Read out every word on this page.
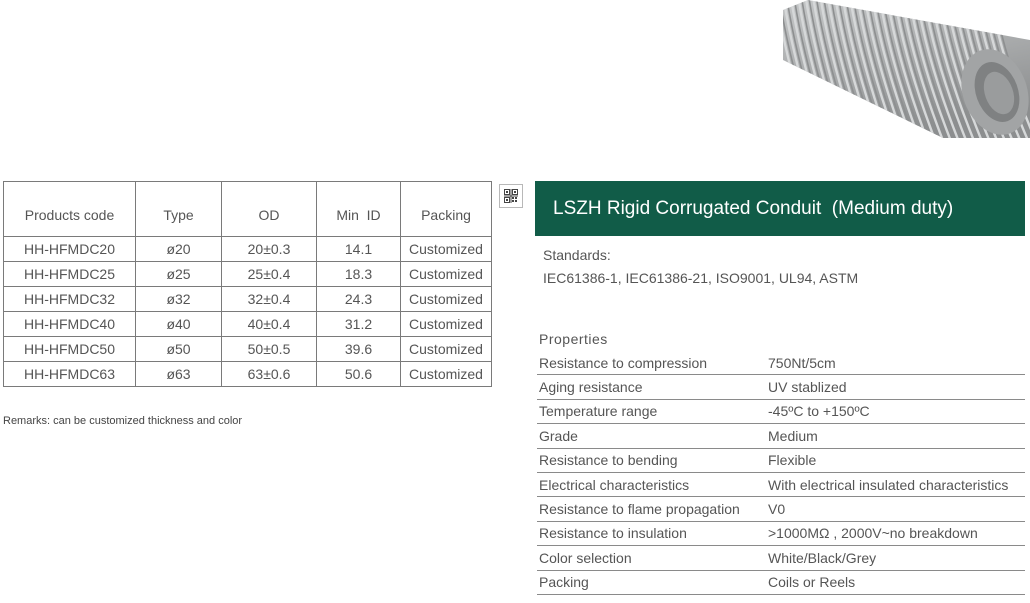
Products code	Type	OD	Min  ID	Packing
HH-HFMDC20	ø20	20±0.3	14.1	Customized
HH-HFMDC25	ø25	25±0.4	18.3	Customized
HH-HFMDC32	ø32	32±0.4	24.3	Customized
HH-HFMDC40	ø40	40±0.4	31.2	Customized
HH-HFMDC50	ø50	50±0.5	39.6	Customized
HH-HFMDC63	ø63	63±0.6	50.6	Customized
Remarks: can be customized thickness and color
LSZH Rigid Corrugated Conduit  (Medium duty)
Standards:
IEC61386-1, IEC61386-21, ISO9001, UL94, ASTM
Properties
Resistance to compression	750Nt/5cm
Aging resistance	UV stablized
Temperature range	-45ºC to +150ºC
Grade	Medium
Resistance to bending	Flexible
Electrical characteristics	With electrical insulated characteristics
Resistance to flame propagation	V0
Resistance to insulation	>1000MΩ , 2000V~no breakdown
Color selection	White/Black/Grey
Packing	Coils or Reels
